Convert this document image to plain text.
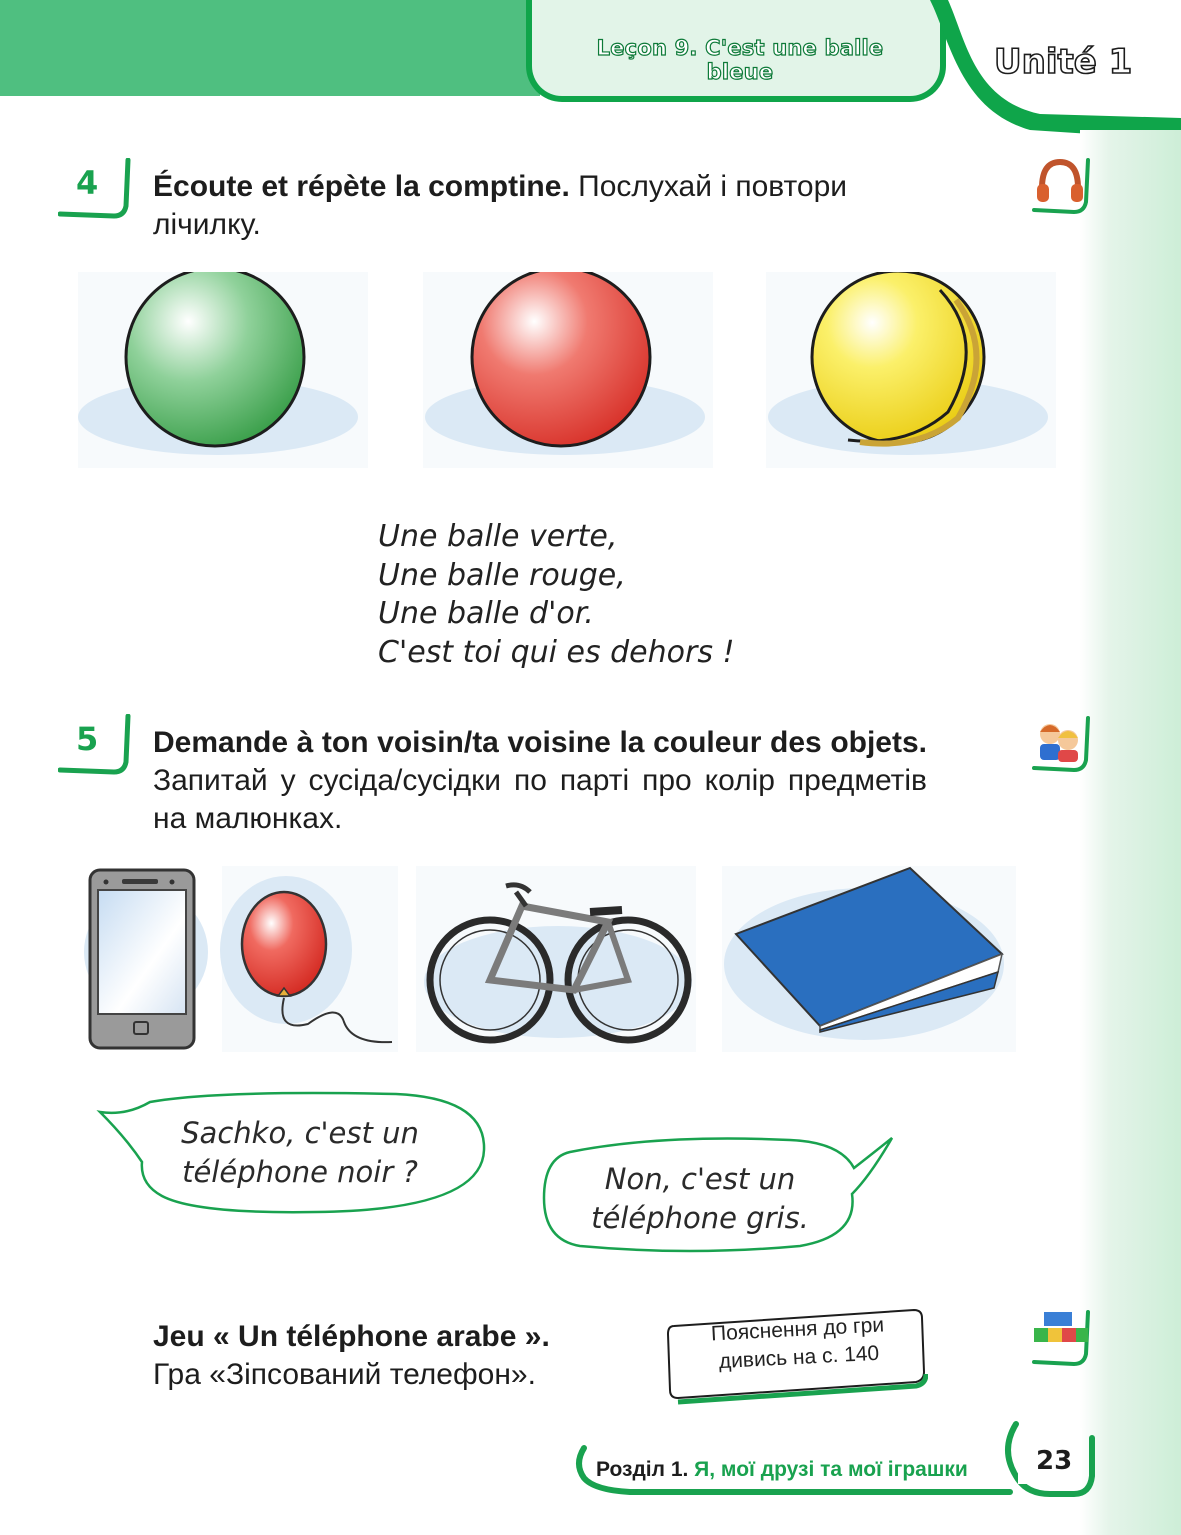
Leçon 9. C'est une balle bleue	Unité 1
4 Écoute et répète la comptine. Послухай і повтори лічилку.
Une balle verte,
Une balle rouge,
Une balle d'or.
C'est toi qui es dehors !
5 Demande à ton voisin/ta voisine la couleur des objets. Запитай у сусіда/сусідки по парті про колір предметів на малюнках.
Sachko, c'est un
téléphone noir ?	Non, c'est un
téléphone gris.
Jeu « Un téléphone arabe ».
Гра «Зіпсований телефон».
Пояснення до гри
дивись на с. 140
Розділ 1. Я, мої друзі та мої іграшки	23
